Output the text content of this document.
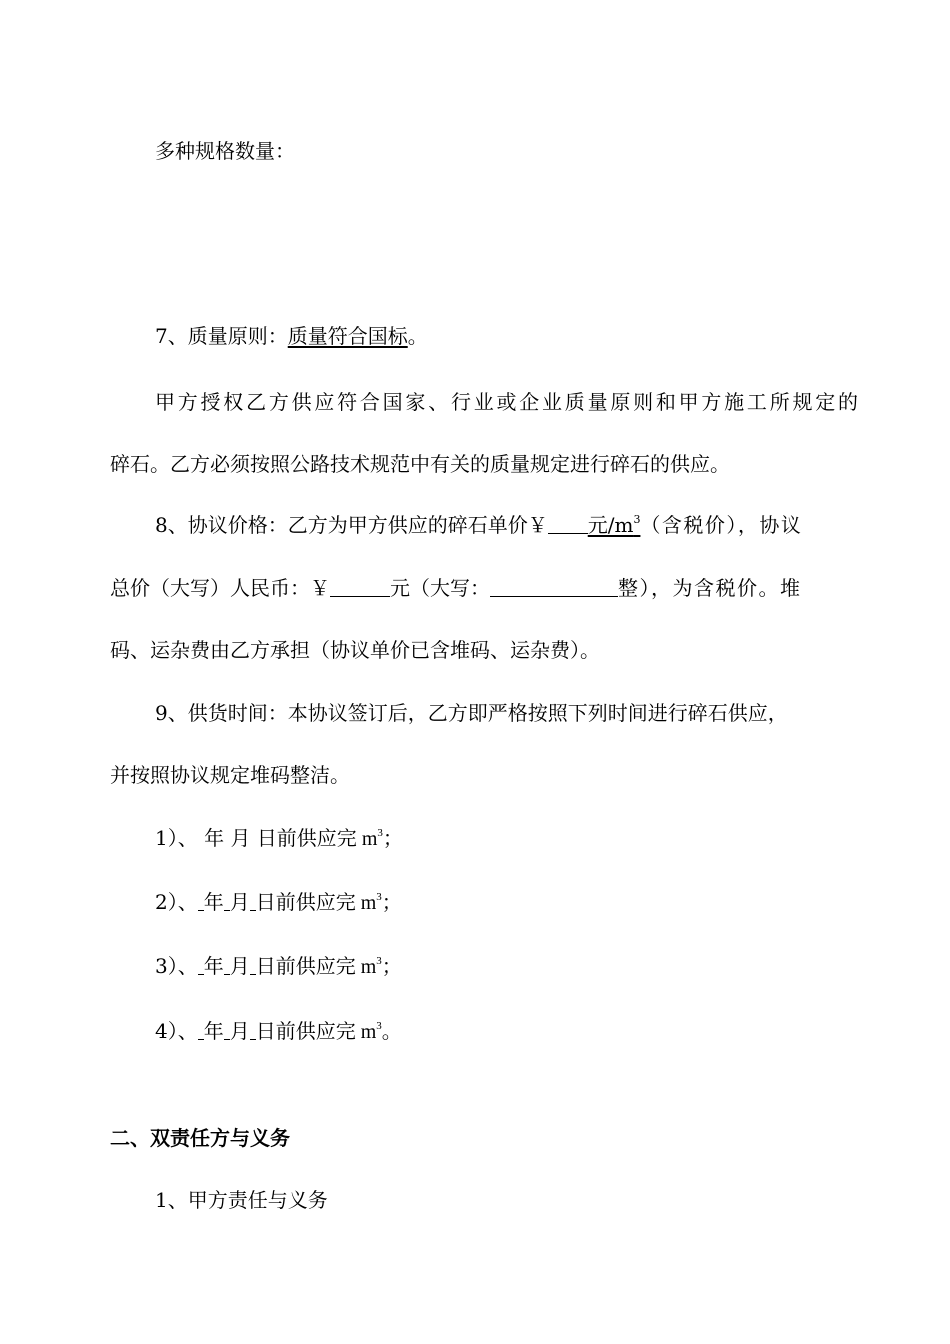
多种规格数量：
7、质量原则：质量符合国标。
甲方授权乙方供应符合国家、行业或企业质量原则和甲方施工所规定的
碎石。乙方必须按照公路技术规范中有关的质量规定进行碎石的供应。
8、协议价格：乙方为甲方供应的碎石单价￥ 元$/m^3$（含税价），协议
总价（大写）人民币：￥	元（大写：	整），为含税价。堆
码、运杂费由乙方承担（协议单价已含堆码、运杂费）。
9、供货时间：本协议签订后，乙方即严格按照下列时间进行碎石供应，
并按照协议规定堆码整洁。
1）、 年 月 日前供应完 $m^3$；
2）、 年 月 日前供应完 $m^3$；
3）、 年 月 日前供应完 $m^3$；
4）、 年 月 日前供应完 $m^3$。
二、双责任方与义务
1、甲方责任与义务
